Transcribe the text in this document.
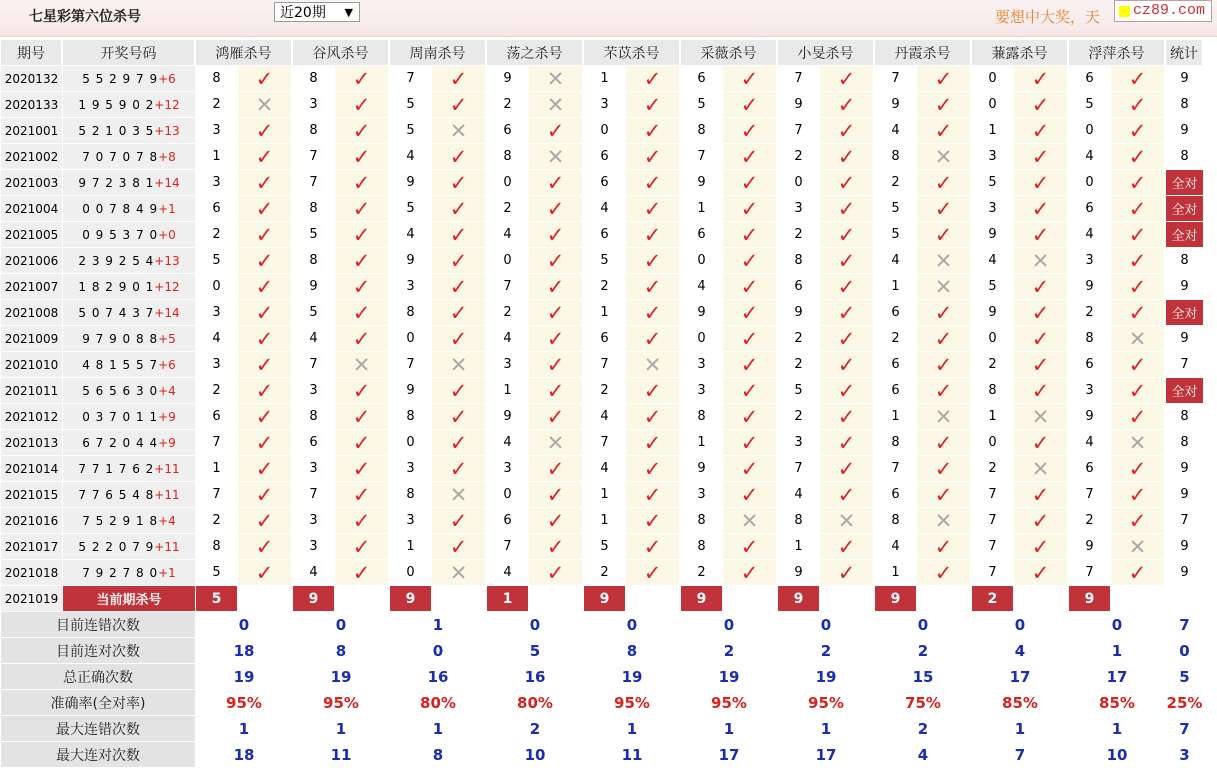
七星彩第六位杀号	近20期 ▼	要想中大奖，天	cz89.com
期号	开奖号码	鸿雁杀号		谷风杀号		周南杀号		荡之杀号		芣苡杀号		采薇杀号		小旻杀号		丹霞杀号		蒹露杀号		浮萍杀号		统计
2020132	5 5 2 9 7 9+6	8	✓	8	✓	7	✓	9	✕	1	✓	6	✓	7	✓	7	✓	0	✓	6	✓	9
2020133	1 9 5 9 0 2+12	2	✕	3	✓	5	✓	2	✕	3	✓	5	✓	9	✓	9	✓	0	✓	5	✓	8
2021001	5 2 1 0 3 5+13	3	✓	8	✓	5	✕	6	✓	0	✓	8	✓	7	✓	4	✓	1	✓	0	✓	9
2021002	7 0 7 0 7 8+8	1	✓	7	✓	4	✓	8	✕	6	✓	7	✓	2	✓	8	✕	3	✓	4	✓	8
2021003	9 7 2 3 8 1+14	3	✓	7	✓	9	✓	0	✓	6	✓	9	✓	0	✓	2	✓	5	✓	0	✓	全对
2021004	0 0 7 8 4 9+1	6	✓	8	✓	5	✓	2	✓	4	✓	1	✓	3	✓	5	✓	3	✓	6	✓	全对
2021005	0 9 5 3 7 0+0	2	✓	5	✓	4	✓	4	✓	6	✓	6	✓	2	✓	5	✓	9	✓	4	✓	全对
2021006	2 3 9 2 5 4+13	5	✓	8	✓	9	✓	0	✓	5	✓	0	✓	8	✓	4	✕	4	✕	3	✓	8
2021007	1 8 2 9 0 1+12	0	✓	9	✓	3	✓	7	✓	2	✓	4	✓	6	✓	1	✕	5	✓	9	✓	9
2021008	5 0 7 4 3 7+14	3	✓	5	✓	8	✓	2	✓	1	✓	9	✓	9	✓	6	✓	9	✓	2	✓	全对
2021009	9 7 9 0 8 8+5	4	✓	4	✓	0	✓	4	✓	6	✓	0	✓	2	✓	2	✓	0	✓	8	✕	9
2021010	4 8 1 5 5 7+6	3	✓	7	✕	7	✕	3	✓	7	✕	3	✓	2	✓	6	✓	2	✓	6	✓	7
2021011	5 6 5 6 3 0+4	2	✓	3	✓	9	✓	1	✓	2	✓	3	✓	5	✓	6	✓	8	✓	3	✓	全对
2021012	0 3 7 0 1 1+9	6	✓	8	✓	8	✓	9	✓	4	✓	8	✓	2	✓	1	✕	1	✕	9	✓	8
2021013	6 7 2 0 4 4+9	7	✓	6	✓	0	✓	4	✕	7	✓	1	✓	3	✓	8	✓	0	✓	4	✕	8
2021014	7 7 1 7 6 2+11	1	✓	3	✓	3	✓	3	✓	4	✓	9	✓	7	✓	7	✓	2	✕	6	✓	9
2021015	7 7 6 5 4 8+11	7	✓	7	✓	8	✕	0	✓	1	✓	3	✓	4	✓	6	✓	7	✓	7	✓	9
2021016	7 5 2 9 1 8+4	2	✓	3	✓	3	✓	6	✓	1	✓	8	✕	8	✕	8	✕	7	✓	2	✓	7
2021017	5 2 2 0 7 9+11	8	✓	3	✓	1	✓	7	✓	5	✓	8	✓	1	✓	4	✓	7	✓	9	✕	9
2021018	7 9 2 7 8 0+1	5	✓	4	✓	0	✕	4	✓	2	✓	2	✓	9	✓	1	✓	7	✓	7	✓	9
2021019	当前期杀号	5		9		9		1		9		9		9		9		2		9		
目前连错次数		0		0		1		0		0		0		0		0		0		0		7
目前连对次数		18		8		0		5		8		2		2		2		4		1		0
总正确次数		19		19		16		16		19		19		19		15		17		17		5
准确率(全对率)		95%		95%		80%		80%		95%		95%		95%		75%		85%		85%		25%
最大连错次数		1		1		1		2		1		1		1		2		1		1		7
最大连对次数		18		11		8		10		11		17		17		4		7		10		3
